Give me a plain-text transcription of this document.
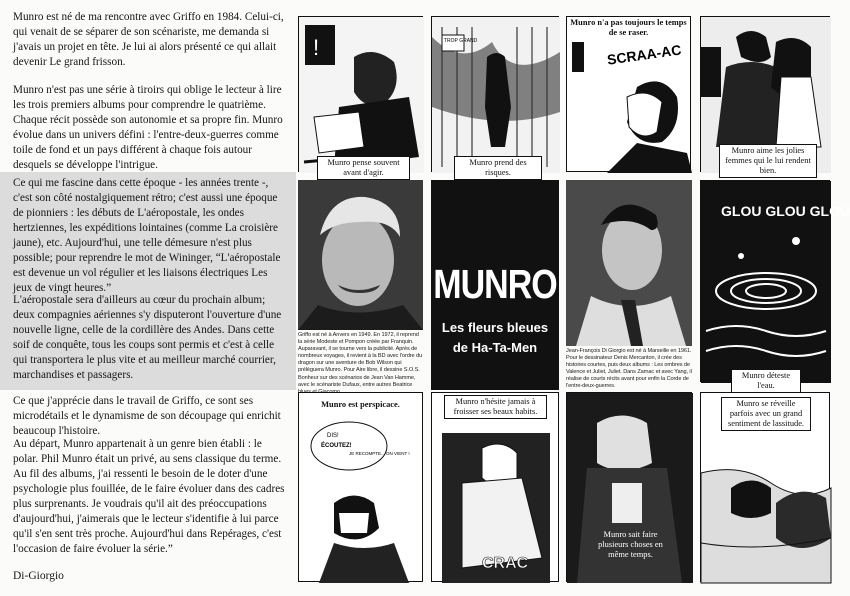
Munro est né de ma rencontre avec Griffo en 1984. Celui-ci, qui venait de se séparer de son scénariste, me demanda si j'avais un projet en tête. Je lui ai alors présenté ce qui allait devenir Le grand frisson.

Munro n'est pas une série à tiroirs qui oblige le lecteur à lire les trois premiers albums pour comprendre le quatrième. Chaque récit possède son autonomie et sa propre fin. Munro évolue dans un univers défini : l'entre-deux-guerres comme toile de fond et un pays différent à chaque fois autour desquels se développe l'intrigue.

Ce qui me fascine dans cette époque - les années trente -, c'est son côté nostalgiquement rétro; c'est aussi une époque de pionniers : les débuts de L'aéropostale, les ondes hertziennes, les expéditions lointaines (comme La croisière jaune), etc. Aujourd'hui, une telle démesure n'est plus possible; pour reprendre le mot de Wininger, “L'aéropostale est devenue un vol régulier et les liaisons électriques Les jeux de vingt heures.”

L'aéropostale sera d'ailleurs au cœur du prochain album; deux compagnies aériennes s'y disputeront l'ouverture d'une nouvelle ligne, celle de la cordillère des Andes. Dans cette soif de conquête, tous les coups sont permis et c'est à celle qui transportera le plus vite et au meilleur marché courrier, marchandises et passagers.

Ce que j'apprécie dans le travail de Griffo, ce sont ses microdétails et le dynamisme de son découpage qui enrichit beaucoup l'histoire.

Au départ, Munro appartenait à un genre bien établi : le polar. Phil Munro était un privé, au sens classique du terme. Au fil des albums, j'ai ressenti le besoin de le doter d'une psychologie plus fouillée, de le faire évoluer dans des cadres plus surprenants. Je voudrais qu'il ait des préoccupations d'aujourd'hui, j'aimerais que le lecteur s'identifie à lui parce qu'il s'en sent très proche. Aujourd'hui dans Repérages, c'est l'occasion de faire évoluer la série.”

Di-Giorgio
!
Munro pense souvent avant d'agir.
TROP GRAND
Munro prend des risques.
Munro n'a pas toujours le temps de se raser.
SCRAA-AC
Munro aime les jolies femmes qui le lui rendent bien.
Griffo est né à Anvers en 1949. En 1972, il reprend la série Modeste et Pompon créée par Franquin. Auparavant, il se tourne vers la publicité. Après de nombreux voyages, il revient à la BD avec l'ordre du dragon sur une aventure de Bob Wilson qui prélèguera Munro. Pour Aire libre, il dessine S.O.S. Bonheur sur des scénarios de Jean Van Hamme, avec le scénariste Dufaux, entre autres Beatrice
MUNRO
Les fleurs bleues
de Ha-Ta-Men	Jean-François Di Giorgio est né à Marseille en 1961. Pour le dessinateur Denis Mercanton, il crée des histoires courtes, puis deux albums : Les ombres de Valence et Juliet, Juliet. Dans Zarnac et avec Yang, il réalise de courts récits avant pour enfin la Corde de l'entre-deux-guerres.
GLOU GLOU GLOU
Munro déteste l'eau.
Munro est perspicace.
DIS!
ÉCOUTEZ!
JE RECOMPTE... ON VIENT !
Munro n'hésite jamais à froisser ses beaux habits.
CRAC
Munro sait faire plusieurs choses en même temps.
Munro se réveille parfois avec un grand sentiment de lassitude.
